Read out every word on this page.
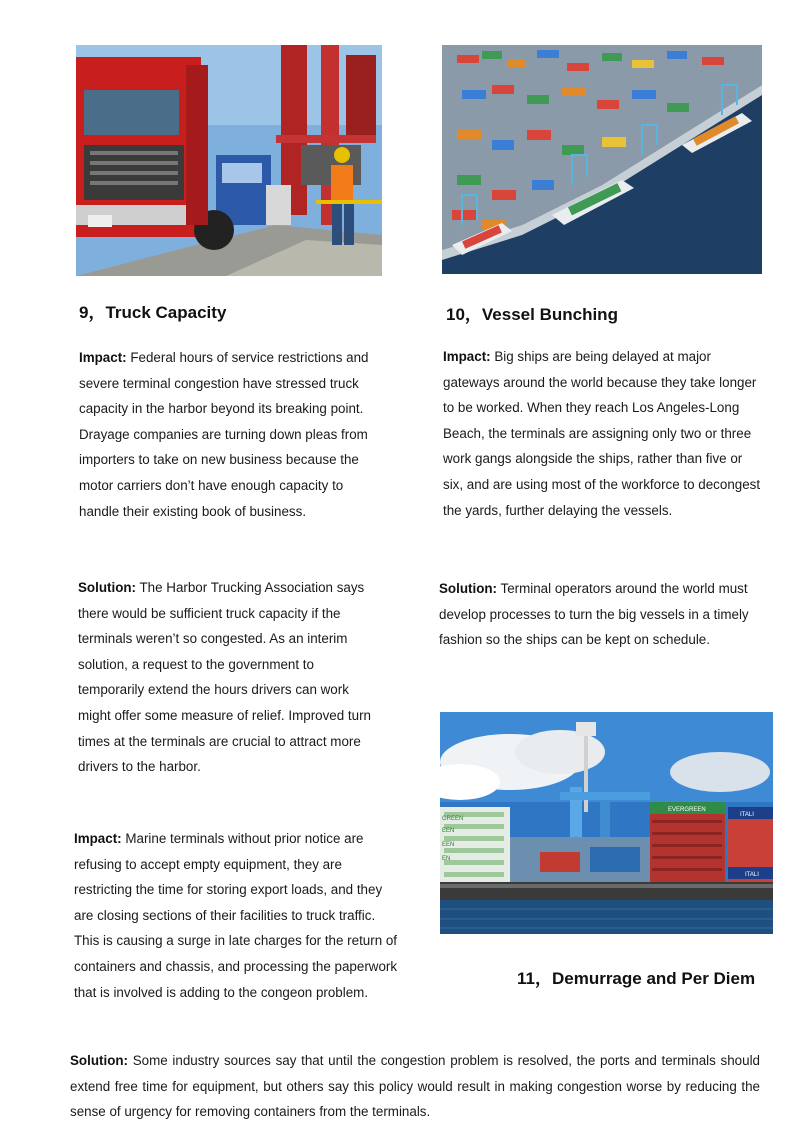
GREEN
EEN
EEN
EN
EVERGREEN
ITALI
ITALI
9，Truck Capacity	10，Vessel Bunching
11，Demurrage and Per Diem

Impact: Federal hours of service restrictions and severe terminal congestion have stressed truck capacity in the harbor beyond its breaking point. Drayage companies are turning down pleas from importers to take on new business because the motor carriers don’t have enough capacity to handle their existing book of business.

Solution: The Harbor Trucking Association says there would be sufficient truck capacity if the terminals weren’t so congested. As an interim solution, a request to the government to temporarily extend the hours drivers can work might offer some measure of relief. Improved turn times at the terminals are crucial to attract more drivers to the harbor.

Impact: Big ships are being delayed at major gateways around the world because they take longer to be worked. When they reach Los Angeles-Long Beach, the terminals are assigning only two or three work gangs alongside the ships, rather than five or six, and are using most of the workforce to decongest the yards, further delaying the vessels.

Solution: Terminal operators around the world must develop processes to turn the big vessels in a timely fashion so the ships can be kept on schedule.

Impact: Marine terminals without prior notice are refusing to accept empty equipment, they are restricting the time for storing export loads, and they are closing sections of their facilities to truck traffic. This is causing a surge in late charges for the return of containers and chassis, and processing the paperwork that is involved is adding to the congeon problem.

Solution: Some industry sources say that until the congestion problem is resolved, the ports and terminals should extend free time for equipment, but others say this policy would result in making congestion worse by reducing the sense of urgency for removing containers from the terminals.
